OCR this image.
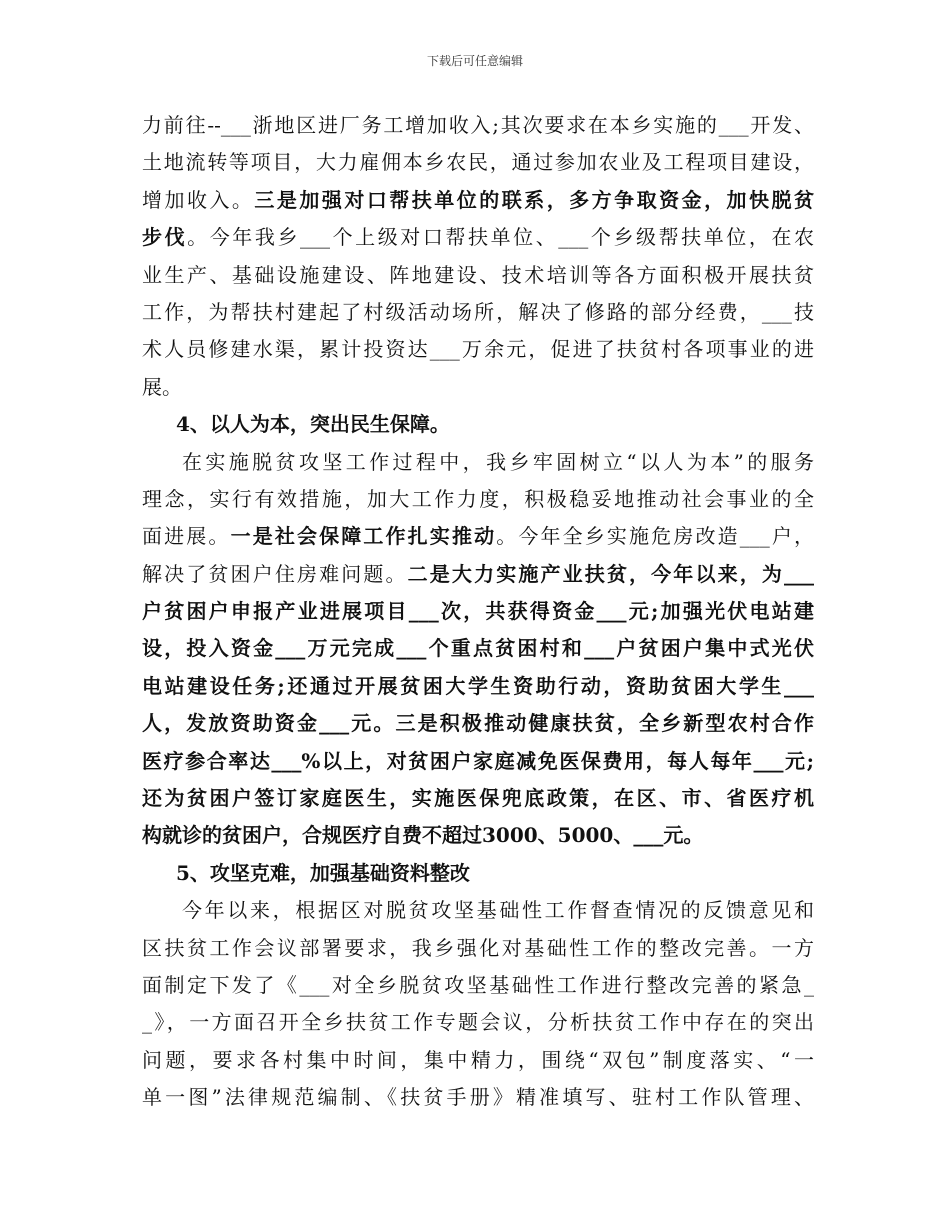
下载后可任意编辑
力前往--___浙地区进厂务工增加收入;其次要求在本乡实施的___开发、
土地流转等项目，大力雇佣本乡农民，通过参加农业及工程项目建设，
增加收入。三是加强对口帮扶单位的联系，多方争取资金，加快脱贫
步伐。今年我乡___个上级对口帮扶单位、___个乡级帮扶单位，在农
业生产、基础设施建设、阵地建设、技术培训等各方面积极开展扶贫
工作，为帮扶村建起了村级活动场所，解决了修路的部分经费，___技
术人员修建水渠，累计投资达___万余元，促进了扶贫村各项事业的进
展。
4、以人为本，突出民生保障。
在实施脱贫攻坚工作过程中，我乡牢固树立“以人为本”的服务
理念，实行有效措施，加大工作力度，积极稳妥地推动社会事业的全
面进展。一是社会保障工作扎实推动。今年全乡实施危房改造___户，
解决了贫困户住房难问题。二是大力实施产业扶贫，今年以来，为___
户贫困户申报产业进展项目___次，共获得资金___元;加强光伏电站建
设，投入资金___万元完成___个重点贫困村和___户贫困户集中式光伏
电站建设任务;还通过开展贫困大学生资助行动，资助贫困大学生___
人，发放资助资金___元。三是积极推动健康扶贫，全乡新型农村合作
医疗参合率达___%以上，对贫困户家庭减免医保费用，每人每年___元;
还为贫困户签订家庭医生，实施医保兜底政策，在区、市、省医疗机
构就诊的贫困户，合规医疗自费不超过3000、5000、___元。
5、攻坚克难，加强基础资料整改
今年以来，根据区对脱贫攻坚基础性工作督查情况的反馈意见和
区扶贫工作会议部署要求，我乡强化对基础性工作的整改完善。一方
面制定下发了《___对全乡脱贫攻坚基础性工作进行整改完善的紧急_
_》，一方面召开全乡扶贫工作专题会议，分析扶贫工作中存在的突出
问题，要求各村集中时间，集中精力，围绕“双包”制度落实、“一
单一图”法律规范编制、《扶贫手册》精准填写、驻村工作队管理、
